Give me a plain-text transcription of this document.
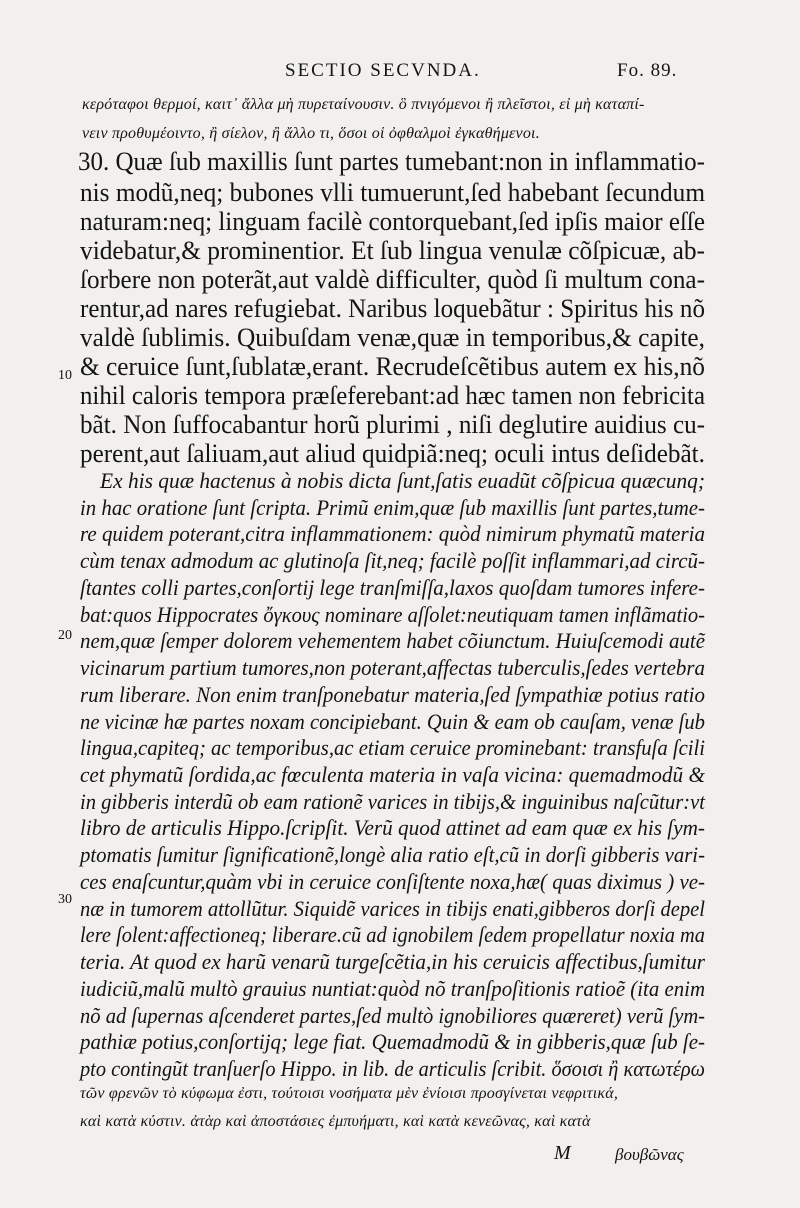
SECTIO SECVNDA.	Fo. 89.
κερόταφοι θερμοί, καιτ᾽ ἄλλα μὴ πυρεταίνουσιν. ὃ πνιγόμενοι ἢ πλεῖστοι, εἰ μὴ καταπί-
νειν προθυμέοιντο, ἢ σίελον, ἢ ἄλλο τι, ὅσοι οἱ ὀφθαλμοὶ ἐγκαθήμενοι.
30. Quæ ſub maxillis ſunt partes tumebant:non in inflammatio-
nis modũ,neq; bubones vlli tumuerunt,ſed habebant ſecundum
naturam:neq; linguam facilè contorquebant,ſed ipſis maior eſſe
videbatur,& prominentior. Et ſub lingua venulæ cõſpicuæ, ab-
ſorbere non poterãt,aut valdè difficulter, quòd ſi multum cona-
rentur,ad nares refugiebat. Naribus loquebãtur : Spiritus his nõ
valdè ſublimis. Quibuſdam venæ,quæ in temporibus,& capite,
& ceruice ſunt,ſublatæ,erant. Recrudeſcẽtibus autem ex his,nõ
nihil caloris tempora præſeferebant:ad hæc tamen non febricita
bãt. Non ſuffocabantur horũ plurimi , niſi deglutire auidius cu-
perent,aut ſaliuam,aut aliud quidpiã:neq; oculi intus deſidebãt.
Ex his quæ hactenus à nobis dicta ſunt,ſatis euadũt cõſpicua quæcunq;
in hac oratione ſunt ſcripta. Primũ enim,quæ ſub maxillis ſunt partes,tume-
re quidem poterant,citra inflammationem: quòd nimirum phymatũ materia
cùm tenax admodum ac glutinoſa ſit,neq; facilè poſſit inflammari,ad circũ-
ſtantes colli partes,conſortij lege tranſmiſſa,laxos quoſdam tumores infere-
bat:quos Hippocrates ὄγκους nominare aſſolet:neutiquam tamen inflãmatio-
nem,quæ ſemper dolorem vehementem habet cõiunctum. Huiuſcemodi autẽ
vicinarum partium tumores,non poterant,affectas tuberculis,ſedes vertebra
rum liberare. Non enim tranſponebatur materia,ſed ſympathiæ potius ratio
ne vicinæ hæ partes noxam concipiebant. Quin & eam ob cauſam, venæ ſub
lingua,capiteq; ac temporibus,ac etiam ceruice prominebant: transfuſa ſcili
cet phymatũ ſordida,ac fœculenta materia in vaſa vicina: quemadmodũ &
in gibberis interdũ ob eam rationẽ varices in tibijs,& inguinibus naſcũtur:vt
libro de articulis Hippo.ſcripſit. Verũ quod attinet ad eam quæ ex his ſym-
ptomatis ſumitur ſignificationẽ,longè alia ratio eſt,cũ in dorſi gibberis vari-
ces enaſcuntur,quàm vbi in ceruice conſiſtente noxa,hæ( quas diximus ) ve-
næ in tumorem attollũtur. Siquidẽ varices in tibijs enati,gibberos dorſi depel
lere ſolent:affectioneq; liberare.cũ ad ignobilem ſedem propellatur noxia ma
teria. At quod ex harũ venarũ turgeſcẽtia,in his ceruicis affectibus,ſumitur
iudiciũ,malũ multò grauius nuntiat:quòd nõ tranſpoſitionis ratioẽ (ita enim
nõ ad ſupernas aſcenderet partes,ſed multò ignobiliores quæreret) verũ ſym-
pathiæ potius,conſortijq; lege fiat. Quemadmodũ & in gibberis,quæ ſub ſe-
pto contingũt tranſuerſo Hippo. in lib. de articulis ſcribit. ὅσοισι ἢ κατωτέρω
τῶν φρενῶν τὸ κύφωμα ἐστι, τούτοισι νοσήματα μὲν ἐνίοισι προσγίνεται νεφριτικά,
καὶ κατὰ κύστιν. ἀτὰρ καὶ ἀποστάσιες ἐμπυήματι, καὶ κατὰ κενεῶνας, καὶ κατὰ
10
20
30
M	βουβῶνας
